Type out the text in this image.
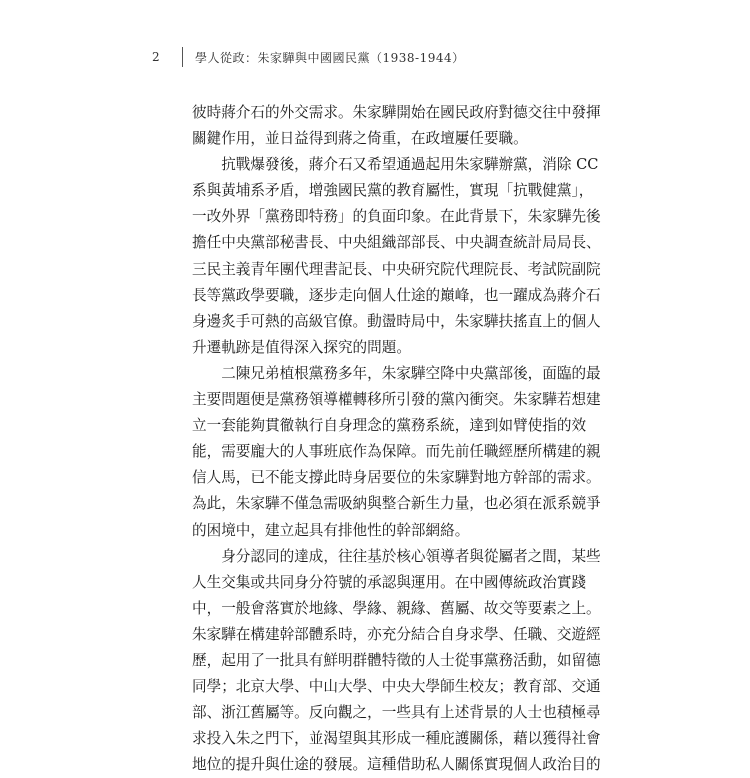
2	學人從政：朱家驊與中國國民黨（1938-1944）
彼時蔣介石的外交需求。朱家驊開始在國民政府對德交往中發揮
關鍵作用，並日益得到蔣之倚重，在政壇屢任要職。
　　抗戰爆發後，蔣介石又希望通過起用朱家驊辦黨，消除 CC
系與黃埔系矛盾，增強國民黨的教育屬性，實現「抗戰健黨」，
一改外界「黨務即特務」的負面印象。在此背景下，朱家驊先後
擔任中央黨部秘書長、中央組織部部長、中央調查統計局局長、
三民主義青年團代理書記長、中央研究院代理院長、考試院副院
長等黨政學要職，逐步走向個人仕途的巔峰，也一躍成為蔣介石
身邊炙手可熱的高級官僚。動盪時局中，朱家驊扶搖直上的個人
升遷軌跡是值得深入探究的問題。
　　二陳兄弟植根黨務多年，朱家驊空降中央黨部後，面臨的最
主要問題便是黨務領導權轉移所引發的黨內衝突。朱家驊若想建
立一套能夠貫徹執行自身理念的黨務系統，達到如臂使指的效
能，需要龐大的人事班底作為保障。而先前任職經歷所構建的親
信人馬，已不能支撐此時身居要位的朱家驊對地方幹部的需求。
為此，朱家驊不僅急需吸納與整合新生力量，也必須在派系競爭
的困境中，建立起具有排他性的幹部網絡。
　　身分認同的達成，往往基於核心領導者與從屬者之間，某些
人生交集或共同身分符號的承認與運用。在中國傳統政治實踐
中，一般會落實於地緣、學緣、親緣、舊屬、故交等要素之上。
朱家驊在構建幹部體系時，亦充分結合自身求學、任職、交遊經
歷，起用了一批具有鮮明群體特徵的人士從事黨務活動，如留德
同學；北京大學、中山大學、中央大學師生校友；教育部、交通
部、浙江舊屬等。反向觀之，一些具有上述背景的人士也積極尋
求投入朱之門下，並渴望與其形成一種庇護關係，藉以獲得社會
地位的提升與仕途的發展。這種借助私人關係實現個人政治目的
